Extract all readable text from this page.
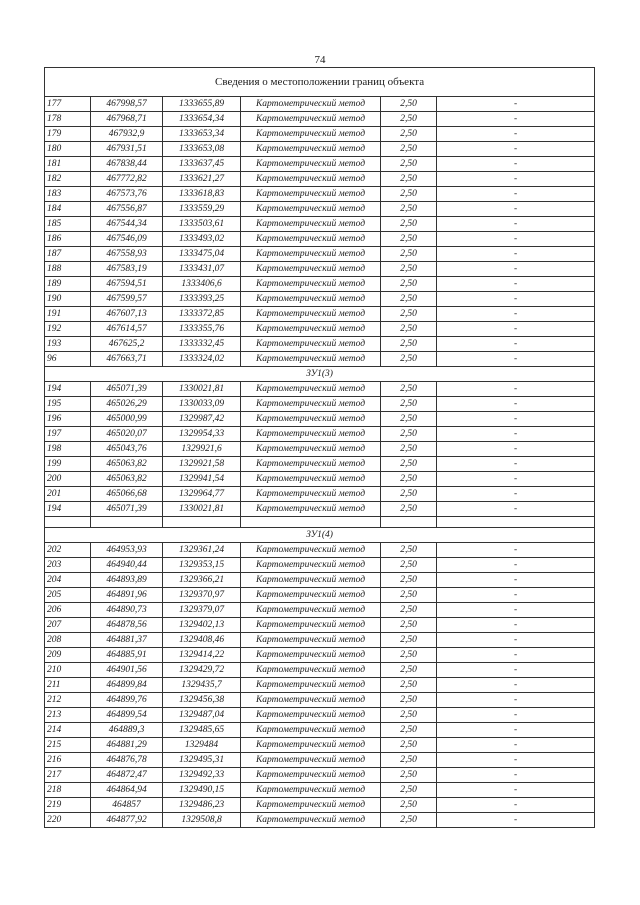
74
Сведения о местоположении границ объекта					
177	467998,57	1333655,89	Картометрический метод	2,50	-
178	467968,71	1333654,34	Картометрический метод	2,50	-
179	467932,9	1333653,34	Картометрический метод	2,50	-
180	467931,51	1333653,08	Картометрический метод	2,50	-
181	467838,44	1333637,45	Картометрический метод	2,50	-
182	467772,82	1333621,27	Картометрический метод	2,50	-
183	467573,76	1333618,83	Картометрический метод	2,50	-
184	467556,87	1333559,29	Картометрический метод	2,50	-
185	467544,34	1333503,61	Картометрический метод	2,50	-
186	467546,09	1333493,02	Картометрический метод	2,50	-
187	467558,93	1333475,04	Картометрический метод	2,50	-
188	467583,19	1333431,07	Картометрический метод	2,50	-
189	467594,51	1333406,6	Картометрический метод	2,50	-
190	467599,57	1333393,25	Картометрический метод	2,50	-
191	467607,13	1333372,85	Картометрический метод	2,50	-
192	467614,57	1333355,76	Картометрический метод	2,50	-
193	467625,2	1333332,45	Картометрический метод	2,50	-
96	467663,71	1333324,02	Картометрический метод	2,50	-
ЗУ1(3)					
194	465071,39	1330021,81	Картометрический метод	2,50	-
195	465026,29	1330033,09	Картометрический метод	2,50	-
196	465000,99	1329987,42	Картометрический метод	2,50	-
197	465020,07	1329954,33	Картометрический метод	2,50	-
198	465043,76	1329921,6	Картометрический метод	2,50	-
199	465063,82	1329921,58	Картометрический метод	2,50	-
200	465063,82	1329941,54	Картометрический метод	2,50	-
201	465066,68	1329964,77	Картометрический метод	2,50	-
194	465071,39	1330021,81	Картометрический метод	2,50	-

ЗУ1(4)					
202	464953,93	1329361,24	Картометрический метод	2,50	-
203	464940,44	1329353,15	Картометрический метод	2,50	-
204	464893,89	1329366,21	Картометрический метод	2,50	-
205	464891,96	1329370,97	Картометрический метод	2,50	-
206	464890,73	1329379,07	Картометрический метод	2,50	-
207	464878,56	1329402,13	Картометрический метод	2,50	-
208	464881,37	1329408,46	Картометрический метод	2,50	-
209	464885,91	1329414,22	Картометрический метод	2,50	-
210	464901,56	1329429,72	Картометрический метод	2,50	-
211	464899,84	1329435,7	Картометрический метод	2,50	-
212	464899,76	1329456,38	Картометрический метод	2,50	-
213	464899,54	1329487,04	Картометрический метод	2,50	-
214	464889,3	1329485,65	Картометрический метод	2,50	-
215	464881,29	1329484	Картометрический метод	2,50	-
216	464876,78	1329495,31	Картометрический метод	2,50	-
217	464872,47	1329492,33	Картометрический метод	2,50	-
218	464864,94	1329490,15	Картометрический метод	2,50	-
219	464857	1329486,23	Картометрический метод	2,50	-
220	464877,92	1329508,8	Картометрический метод	2,50	-
